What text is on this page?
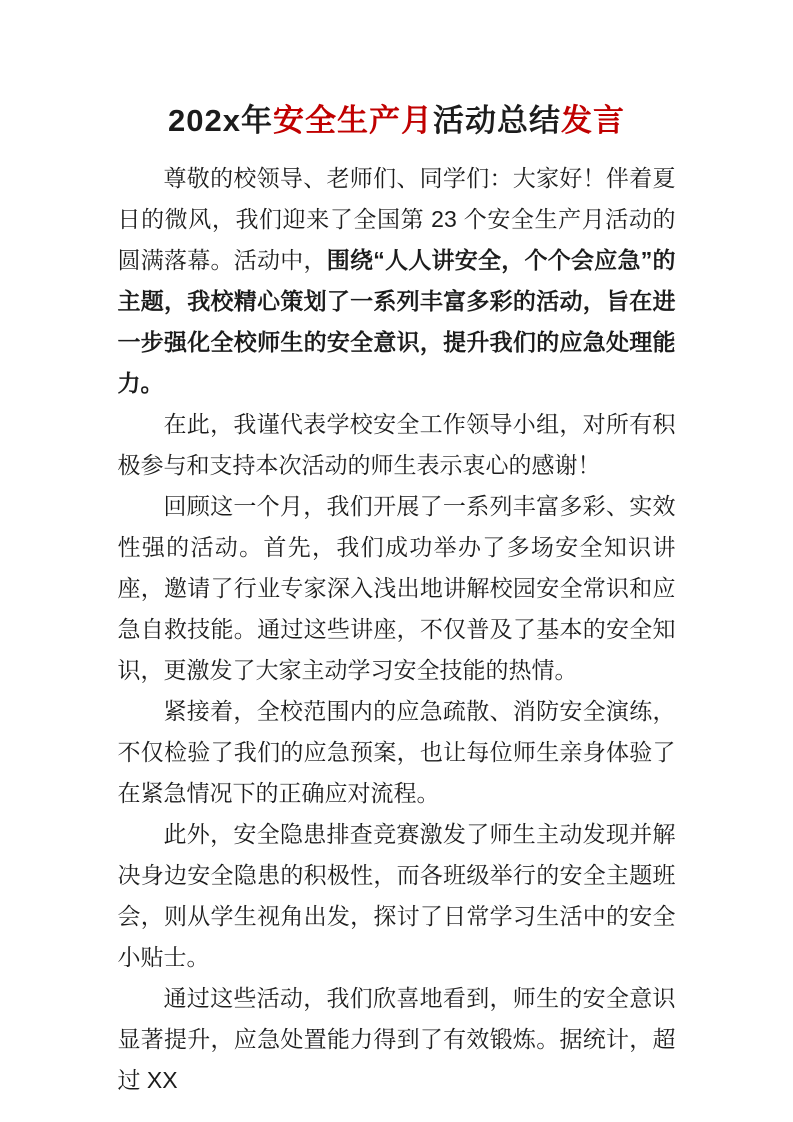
202x年安全生产月活动总结发言

尊敬的校领导、老师们、同学们：大家好！伴着夏日的微风，我们迎来了全国第 23 个安全生产月活动的圆满落幕。活动中，围绕“人人讲安全，个个会应急”的主题，我校精心策划了一系列丰富多彩的活动，旨在进一步强化全校师生的安全意识，提升我们的应急处理能力。

在此，我谨代表学校安全工作领导小组，对所有积极参与和支持本次活动的师生表示衷心的感谢！

回顾这一个月，我们开展了一系列丰富多彩、实效性强的活动。首先，我们成功举办了多场安全知识讲座，邀请了行业专家深入浅出地讲解校园安全常识和应急自救技能。通过这些讲座，不仅普及了基本的安全知识，更激发了大家主动学习安全技能的热情。

紧接着，全校范围内的应急疏散、消防安全演练，不仅检验了我们的应急预案，也让每位师生亲身体验了在紧急情况下的正确应对流程。

此外，安全隐患排查竞赛激发了师生主动发现并解决身边安全隐患的积极性，而各班级举行的安全主题班会，则从学生视角出发，探讨了日常学习生活中的安全小贴士。

通过这些活动，我们欣喜地看到，师生的安全意识显著提升，应急处置能力得到了有效锻炼。据统计，超过 XX
